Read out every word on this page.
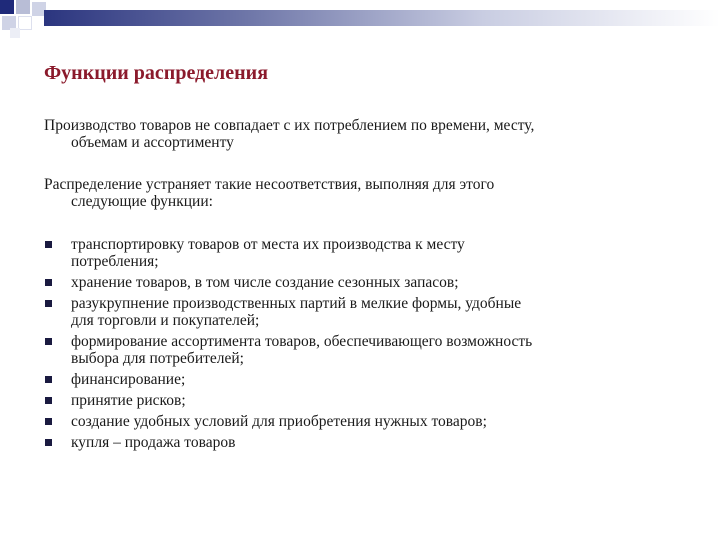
Функции распределения
Производство товаров не совпадает с их потреблением по времени, месту,
объемам и ассортименту
Распределение устраняет такие несоответствия, выполняя для этого
следующие функции:
транспортировку товаров от места их производства к месту
потребления;
хранение товаров, в том числе создание сезонных запасов;
разукрупнение производственных партий в мелкие формы, удобные
для торговли и покупателей;
формирование ассортимента товаров, обеспечивающего возможность
выбора для потребителей;
финансирование;
принятие рисков;
создание удобных условий для приобретения нужных товаров;
купля – продажа товаров
